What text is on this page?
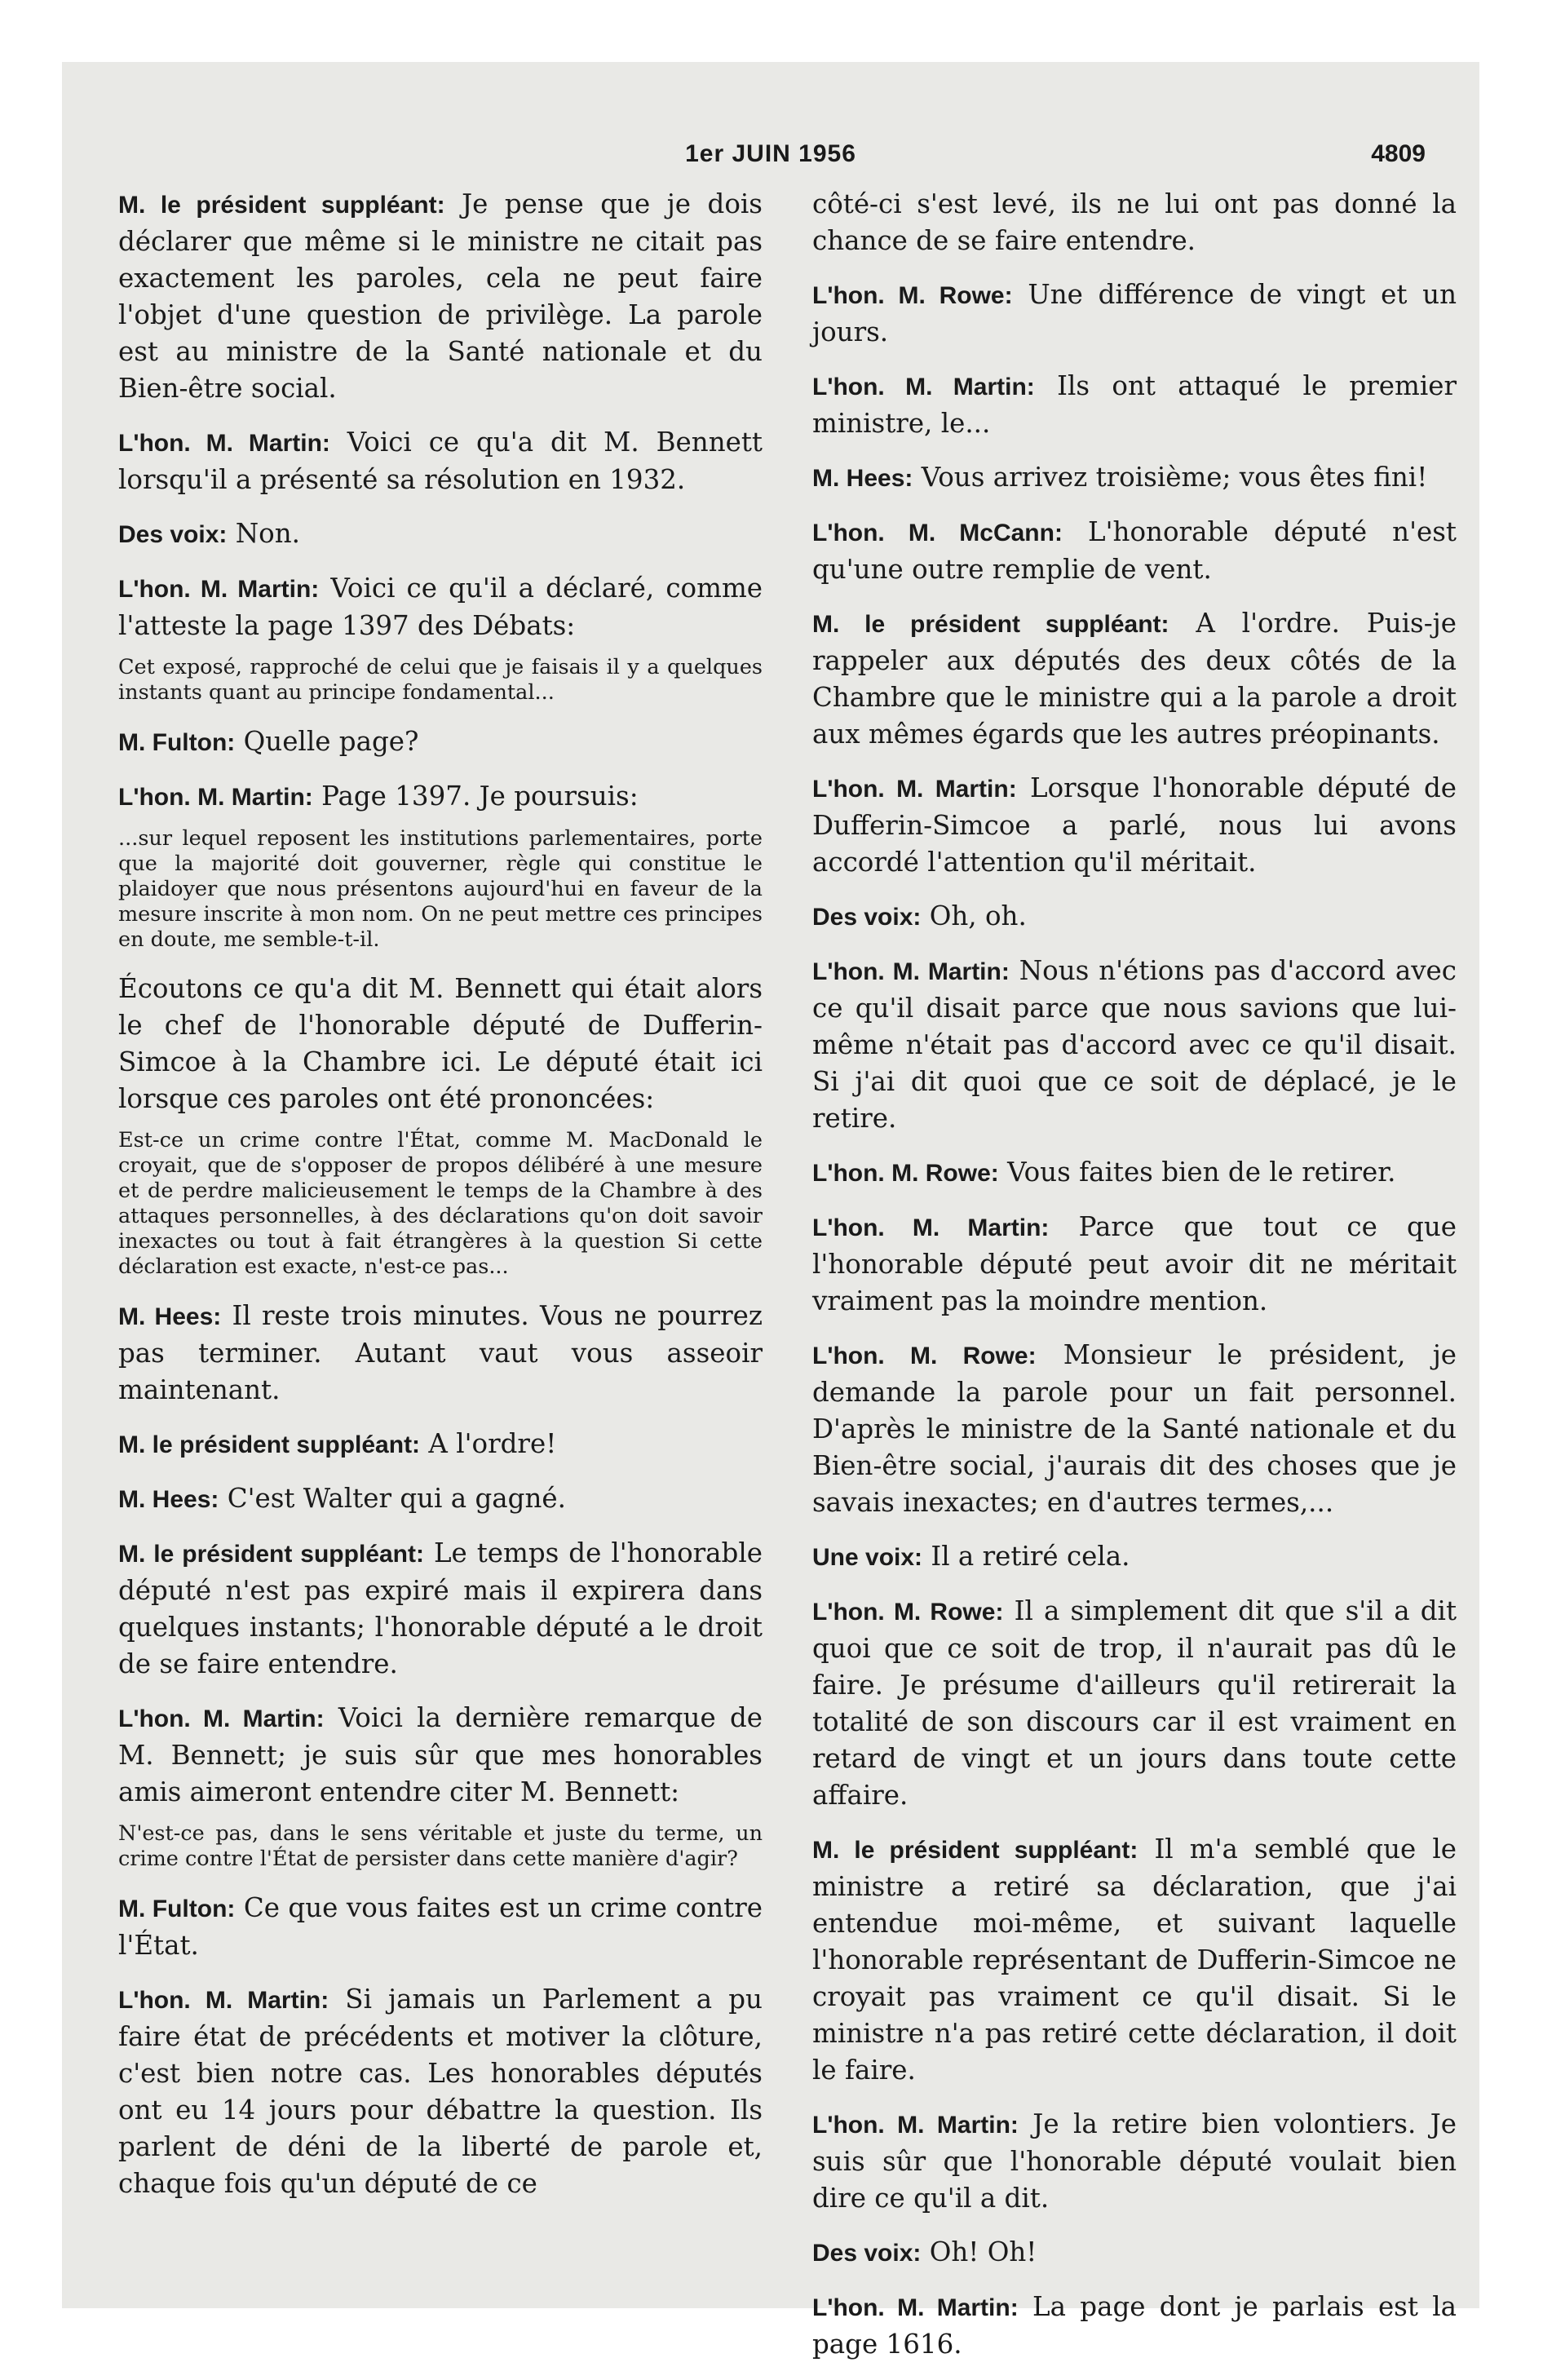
1er JUIN 1956	4809

M. le président suppléant: Je pense que je dois déclarer que même si le ministre ne citait pas exactement les paroles, cela ne peut faire l'objet d'une question de privilège. La parole est au ministre de la Santé nationale et du Bien-être social.

L'hon. M. Martin: Voici ce qu'a dit M. Bennett lorsqu'il a présenté sa résolution en 1932.

Des voix: Non.

L'hon. M. Martin: Voici ce qu'il a déclaré, comme l'atteste la page 1397 des Débats:

Cet exposé, rapproché de celui que je faisais il y a quelques instants quant au principe fondamental...

M. Fulton: Quelle page?

L'hon. M. Martin: Page 1397. Je poursuis:

...sur lequel reposent les institutions parlementaires, porte que la majorité doit gouverner, règle qui constitue le plaidoyer que nous présentons aujourd'hui en faveur de la mesure inscrite à mon nom. On ne peut mettre ces principes en doute, me semble-t-il.

Écoutons ce qu'a dit M. Bennett qui était alors le chef de l'honorable député de Dufferin-Simcoe à la Chambre ici. Le député était ici lorsque ces paroles ont été prononcées:

Est-ce un crime contre l'État, comme M. MacDonald le croyait, que de s'opposer de propos délibéré à une mesure et de perdre malicieusement le temps de la Chambre à des attaques personnelles, à des déclarations qu'on doit savoir inexactes ou tout à fait étrangères à la question Si cette déclaration est exacte, n'est-ce pas...

M. Hees: Il reste trois minutes. Vous ne pourrez pas terminer. Autant vaut vous asseoir maintenant.

M. le président suppléant: A l'ordre!

M. Hees: C'est Walter qui a gagné.

M. le président suppléant: Le temps de l'honorable député n'est pas expiré mais il expirera dans quelques instants; l'honorable député a le droit de se faire entendre.

L'hon. M. Martin: Voici la dernière remarque de M. Bennett; je suis sûr que mes honorables amis aimeront entendre citer M. Bennett:

N'est-ce pas, dans le sens véritable et juste du terme, un crime contre l'État de persister dans cette manière d'agir?

M. Fulton: Ce que vous faites est un crime contre l'État.

L'hon. M. Martin: Si jamais un Parlement a pu faire état de précédents et motiver la clôture, c'est bien notre cas. Les honorables députés ont eu 14 jours pour débattre la question. Ils parlent de déni de la liberté de parole et, chaque fois qu'un député de ce

côté-ci s'est levé, ils ne lui ont pas donné la chance de se faire entendre.

L'hon. M. Rowe: Une différence de vingt et un jours.

L'hon. M. Martin: Ils ont attaqué le premier ministre, le...

M. Hees: Vous arrivez troisième; vous êtes fini!

L'hon. M. McCann: L'honorable député n'est qu'une outre remplie de vent.

M. le président suppléant: A l'ordre. Puis-je rappeler aux députés des deux côtés de la Chambre que le ministre qui a la parole a droit aux mêmes égards que les autres préopinants.

L'hon. M. Martin: Lorsque l'honorable député de Dufferin-Simcoe a parlé, nous lui avons accordé l'attention qu'il méritait.

Des voix: Oh, oh.

L'hon. M. Martin: Nous n'étions pas d'accord avec ce qu'il disait parce que nous savions que lui-même n'était pas d'accord avec ce qu'il disait. Si j'ai dit quoi que ce soit de déplacé, je le retire.

L'hon. M. Rowe: Vous faites bien de le retirer.

L'hon. M. Martin: Parce que tout ce que l'honorable député peut avoir dit ne méritait vraiment pas la moindre mention.

L'hon. M. Rowe: Monsieur le président, je demande la parole pour un fait personnel. D'après le ministre de la Santé nationale et du Bien-être social, j'aurais dit des choses que je savais inexactes; en d'autres termes,...

Une voix: Il a retiré cela.

L'hon. M. Rowe: Il a simplement dit que s'il a dit quoi que ce soit de trop, il n'aurait pas dû le faire. Je présume d'ailleurs qu'il retirerait la totalité de son discours car il est vraiment en retard de vingt et un jours dans toute cette affaire.

M. le président suppléant: Il m'a semblé que le ministre a retiré sa déclaration, que j'ai entendue moi-même, et suivant laquelle l'honorable représentant de Dufferin-Simcoe ne croyait pas vraiment ce qu'il disait. Si le ministre n'a pas retiré cette déclaration, il doit le faire.

L'hon. M. Martin: Je la retire bien volontiers. Je suis sûr que l'honorable député voulait bien dire ce qu'il a dit.

Des voix: Oh! Oh!

L'hon. M. Martin: La page dont je parlais est la page 1616.
